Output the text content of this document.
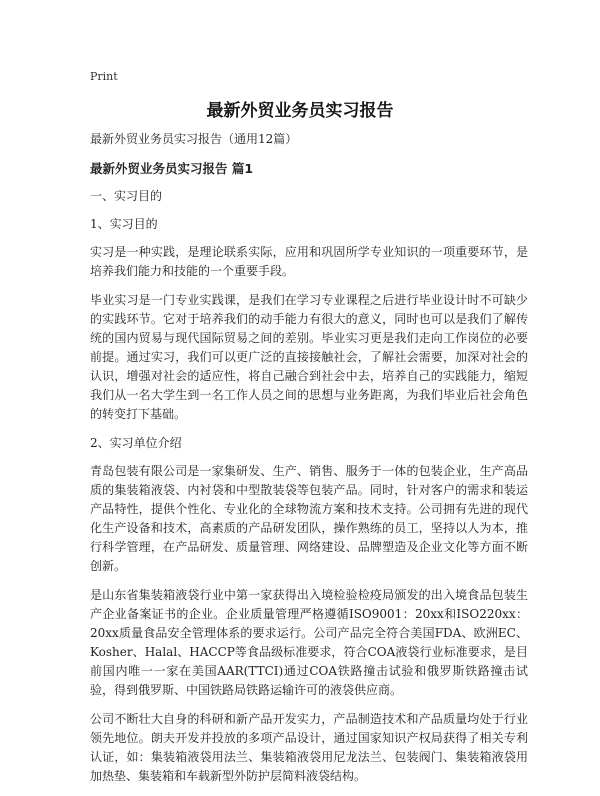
Print

最新外贸业务员实习报告

最新外贸业务员实习报告（通用12篇）

最新外贸业务员实习报告 篇1

一、实习目的

1、实习目的

实习是一种实践，是理论联系实际，应用和巩固所学专业知识的一项重要环节，是培养我们能力和技能的一个重要手段。

毕业实习是一门专业实践课，是我们在学习专业课程之后进行毕业设计时不可缺少的实践环节。它对于培养我们的动手能力有很大的意义，同时也可以是我们了解传统的国内贸易与现代国际贸易之间的差别。毕业实习更是我们走向工作岗位的必要前提。通过实习，我们可以更广泛的直接接触社会，了解社会需要，加深对社会的认识，增强对社会的适应性，将自己融合到社会中去，培养自己的实践能力，缩短我们从一名大学生到一名工作人员之间的思想与业务距离，为我们毕业后社会角色的转变打下基础。

2、实习单位介绍

青岛包装有限公司是一家集研发、生产、销售、服务于一体的包装企业，生产高品质的集装箱液袋、内衬袋和中型散装袋等包装产品。同时，针对客户的需求和装运产品特性，提供个性化、专业化的全球物流方案和技术支持。公司拥有先进的现代化生产设备和技术，高素质的产品研发团队，操作熟练的员工，坚持以人为本，推行科学管理，在产品研发、质量管理、网络建设、品牌塑造及企业文化等方面不断创新。

是山东省集装箱液袋行业中第一家获得出入境检验检疫局颁发的出入境食品包装生产企业备案证书的企业。企业质量管理严格遵循ISO9001：20xx和ISO220xx：20xx质量食品安全管理体系的要求运行。公司产品完全符合美国FDA、欧洲EC、Kosher、Halal、HACCP等食品级标准要求，符合COA液袋行业标准要求，是目前国内唯一一家在美国AAR(TTCI)通过COA铁路撞击试验和俄罗斯铁路撞击试验，得到俄罗斯、中国铁路局铁路运输许可的液袋供应商。

公司不断壮大自身的科研和新产品开发实力，产品制造技术和产品质量均处于行业领先地位。朗夫开发并投放的多项产品设计，通过国家知识产权局获得了相关专利认证，如：集装箱液袋用法兰、集装箱液袋用尼龙法兰、包装阀门、集装箱液袋用加热垫、集装箱和车载新型外防护层简料液袋结构。
